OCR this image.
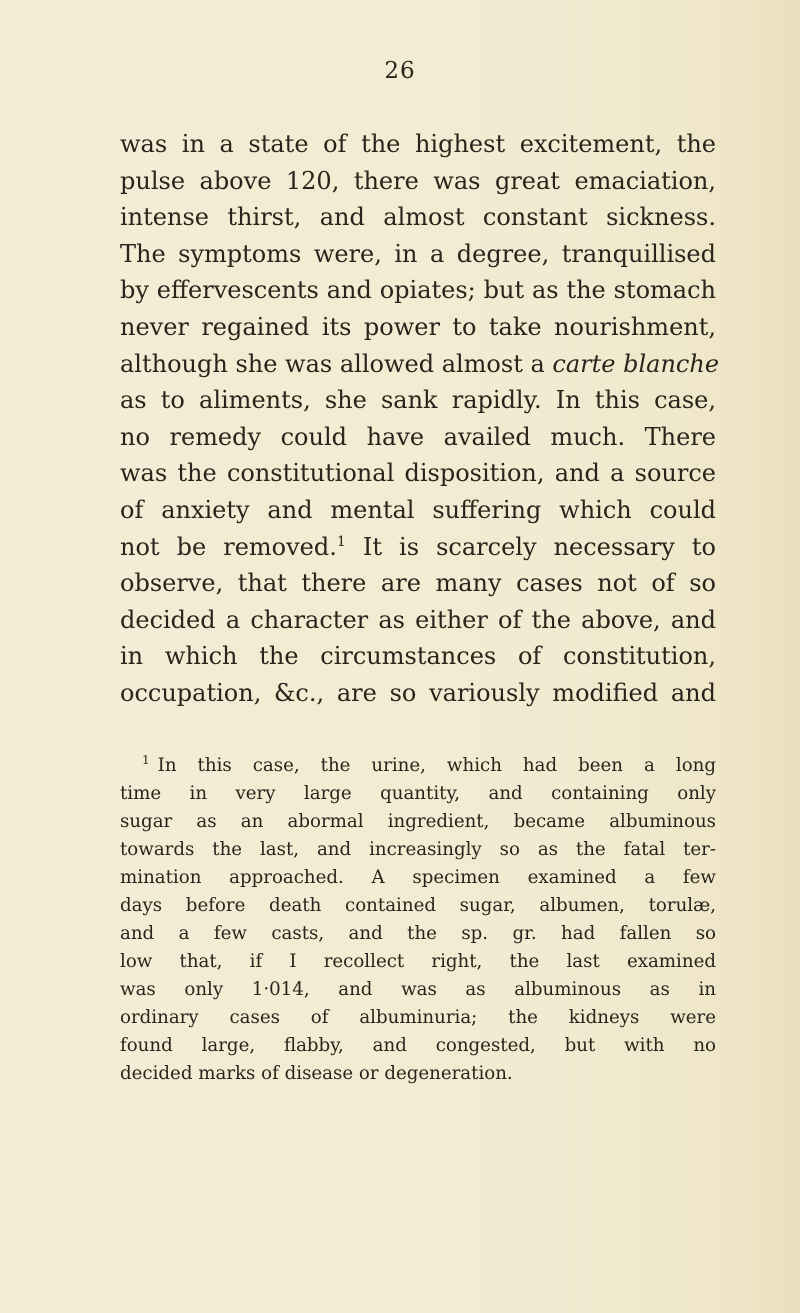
26
was in a state of the highest excitement, the
pulse above 120, there was great emaciation,
intense thirst, and almost constant sickness.
The symptoms were, in a degree, tranquillised
by effervescents and opiates; but as the stomach
never regained its power to take nourishment,
although she was allowed almost a carte blanche
as to aliments, she sank rapidly. In this case,
no remedy could have availed much. There
was the constitutional disposition, and a source
of anxiety and mental suffering which could
not be removed.$^1$ It is scarcely necessary to
observe, that there are many cases not of so
decided a character as either of the above, and
in which the circumstances of constitution,
occupation, &c., are so variously modified and
$^1$ In this case, the urine, which had been a long
time in very large quantity, and containing only
sugar as an abormal ingredient, became albuminous
towards the last, and increasingly so as the fatal ter-
mination approached. A specimen examined a few
days before death contained sugar, albumen, torulæ,
and a few casts, and the sp. gr. had fallen so
low that, if I recollect right, the last examined
was only 1·014, and was as albuminous as in
ordinary cases of albuminuria; the kidneys were
found large, flabby, and congested, but with no
decided marks of disease or degeneration.
